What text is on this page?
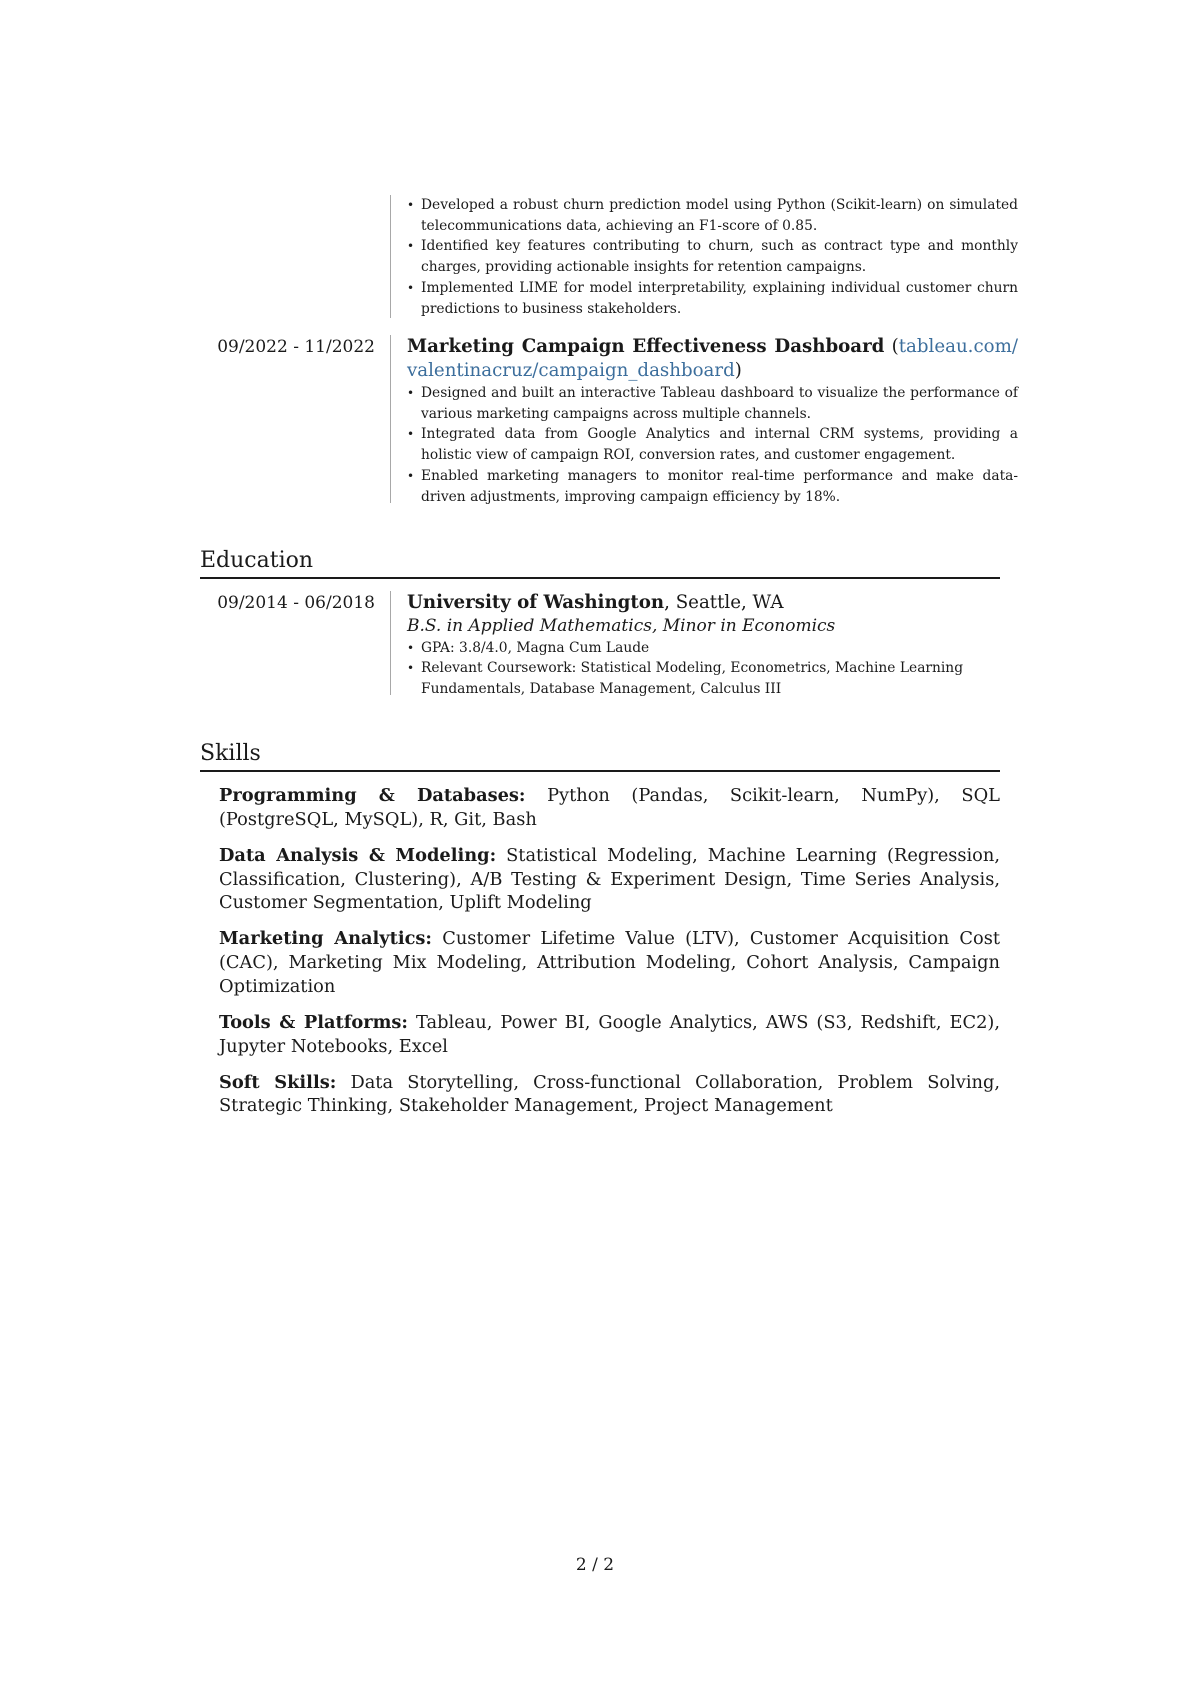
• Developed a robust churn prediction model using Python (Scikit-learn) on simulated telecommunications data, achieving an F1-score of 0.85.
• Identified key features contributing to churn, such as contract type and monthly charges, providing actionable insights for retention campaigns.
• Implemented LIME for model interpretability, explaining individual customer churn predictions to business stakeholders.
09/2022 - 11/2022 Marketing Campaign Effectiveness Dashboard (tableau.com/ valentinacruz/campaign_dashboard)
• Designed and built an interactive Tableau dashboard to visualize the performance of various marketing campaigns across multiple channels.
• Integrated data from Google Analytics and internal CRM systems, providing a holistic view of campaign ROI, conversion rates, and customer engagement.
• Enabled marketing managers to monitor real-time performance and make data-driven adjustments, improving campaign efficiency by 18%.
Education
09/2014 - 06/2018 University of Washington, Seattle, WA
B.S. in Applied Mathematics, Minor in Economics
• GPA: 3.8/4.0, Magna Cum Laude
• Relevant Coursework: Statistical Modeling, Econometrics, Machine Learning Fundamentals, Database Management, Calculus III
Skills
Programming & Databases: Python (Pandas, Scikit-learn, NumPy), SQL (PostgreSQL, MySQL), R, Git, Bash
Data Analysis & Modeling: Statistical Modeling, Machine Learning (Regression, Classification, Clustering), A/B Testing & Experiment Design, Time Series Analysis, Customer Segmentation, Uplift Modeling
Marketing Analytics: Customer Lifetime Value (LTV), Customer Acquisition Cost (CAC), Marketing Mix Modeling, Attribution Modeling, Cohort Analysis, Campaign Optimization
Tools & Platforms: Tableau, Power BI, Google Analytics, AWS (S3, Redshift, EC2), Jupyter Notebooks, Excel
Soft Skills: Data Storytelling, Cross-functional Collaboration, Problem Solving, Strategic Thinking, Stakeholder Management, Project Management
2 / 2
